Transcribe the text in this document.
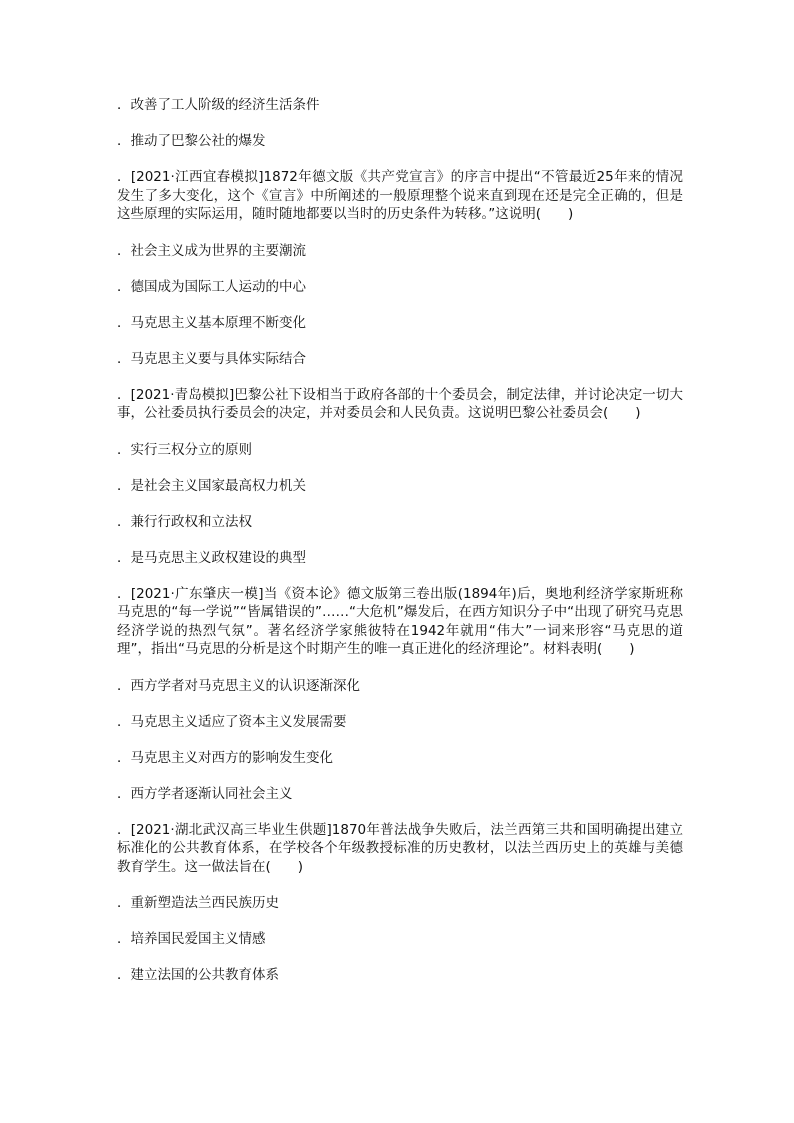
．改善了工人阶级的经济生活条件

．推动了巴黎公社的爆发

．[2021·江西宜春模拟]1872年德文版《共产党宣言》的序言中提出“不管最近25年来的情况发生了多大变化，这个《宣言》中所阐述的一般原理整个说来直到现在还是完全正确的，但是这些原理的实际运用，随时随地都要以当时的历史条件为转移。”这说明(　　)

．社会主义成为世界的主要潮流

．德国成为国际工人运动的中心

．马克思主义基本原理不断变化

．马克思主义要与具体实际结合

．[2021·青岛模拟]巴黎公社下设相当于政府各部的十个委员会，制定法律，并讨论决定一切大事，公社委员执行委员会的决定，并对委员会和人民负责。这说明巴黎公社委员会(　　)

．实行三权分立的原则

．是社会主义国家最高权力机关

．兼行行政权和立法权

．是马克思主义政权建设的典型

．[2021·广东肇庆一模]当《资本论》德文版第三卷出版(1894年)后，奥地利经济学家斯班称马克思的“每一学说”“皆属错误的”……“大危机”爆发后，在西方知识分子中“出现了研究马克思经济学说的热烈气氛”。著名经济学家熊彼特在1942年就用“伟大”一词来形容“马克思的道理”，指出“马克思的分析是这个时期产生的唯一真正进化的经济理论”。材料表明(　　)

．西方学者对马克思主义的认识逐渐深化

．马克思主义适应了资本主义发展需要

．马克思主义对西方的影响发生变化

．西方学者逐渐认同社会主义

．[2021·湖北武汉高三毕业生供题]1870年普法战争失败后，法兰西第三共和国明确提出建立标准化的公共教育体系，在学校各个年级教授标准的历史教材，以法兰西历史上的英雄与美德教育学生。这一做法旨在(　　)

．重新塑造法兰西民族历史

．培养国民爱国主义情感

．建立法国的公共教育体系
